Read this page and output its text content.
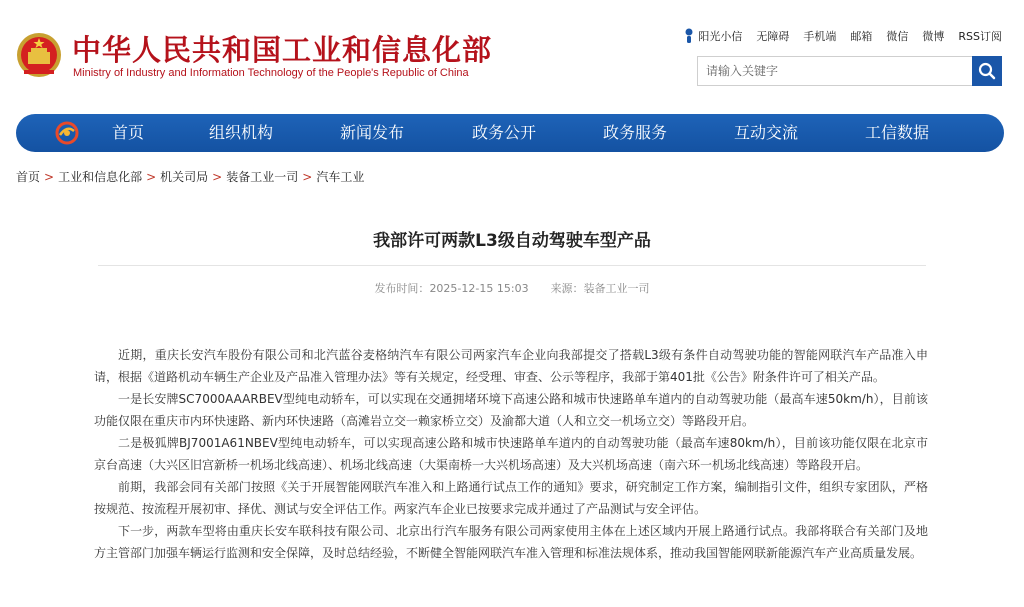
中华人民共和国工业和信息化部
Ministry of Industry and Information Technology of the People's Republic of China
阳光小信 无障碍 手机端 邮箱 微信 微博 RSS订阅
请输入关键字
首页	组织机构	新闻发布	政务公开	政务服务	互动交流	工信数据
首页 > 工业和信息化部 > 机关司局 > 装备工业一司 > 汽车工业
我部许可两款L3级自动驾驶车型产品
发布时间：2025-12-15 15:03 来源：装备工业一司

近期，重庆长安汽车股份有限公司和北汽蓝谷麦格纳汽车有限公司两家汽车企业向我部提交了搭载L3级有条件自动驾驶功能的智能网联汽车产品准入申请，根据《道路机动车辆生产企业及产品准入管理办法》等有关规定，经受理、审查、公示等程序，我部于第401批《公告》附条件许可了相关产品。

一是长安牌SC7000AAARBEV型纯电动轿车，可以实现在交通拥堵环境下高速公路和城市快速路单车道内的自动驾驶功能（最高车速50km/h），目前该功能仅限在重庆市内环快速路、新内环快速路（高滩岩立交一赖家桥立交）及渝都大道（人和立交一机场立交）等路段开启。

二是极狐牌BJ7001A61NBEV型纯电动轿车，可以实现高速公路和城市快速路单车道内的自动驾驶功能（最高车速80km/h），目前该功能仅限在北京市京台高速（大兴区旧宫新桥一机场北线高速）、机场北线高速（大渠南桥一大兴机场高速）及大兴机场高速（南六环一机场北线高速）等路段开启。

前期，我部会同有关部门按照《关于开展智能网联汽车准入和上路通行试点工作的通知》要求，研究制定工作方案，编制指引文件，组织专家团队，严格按规范、按流程开展初审、择优、测试与安全评估工作。两家汽车企业已按要求完成并通过了产品测试与安全评估。

下一步，两款车型将由重庆长安车联科技有限公司、北京出行汽车服务有限公司两家使用主体在上述区域内开展上路通行试点。我部将联合有关部门及地方主管部门加强车辆运行监测和安全保障，及时总结经验，不断健全智能网联汽车准入管理和标准法规体系，推动我国智能网联新能源汽车产业高质量发展。
